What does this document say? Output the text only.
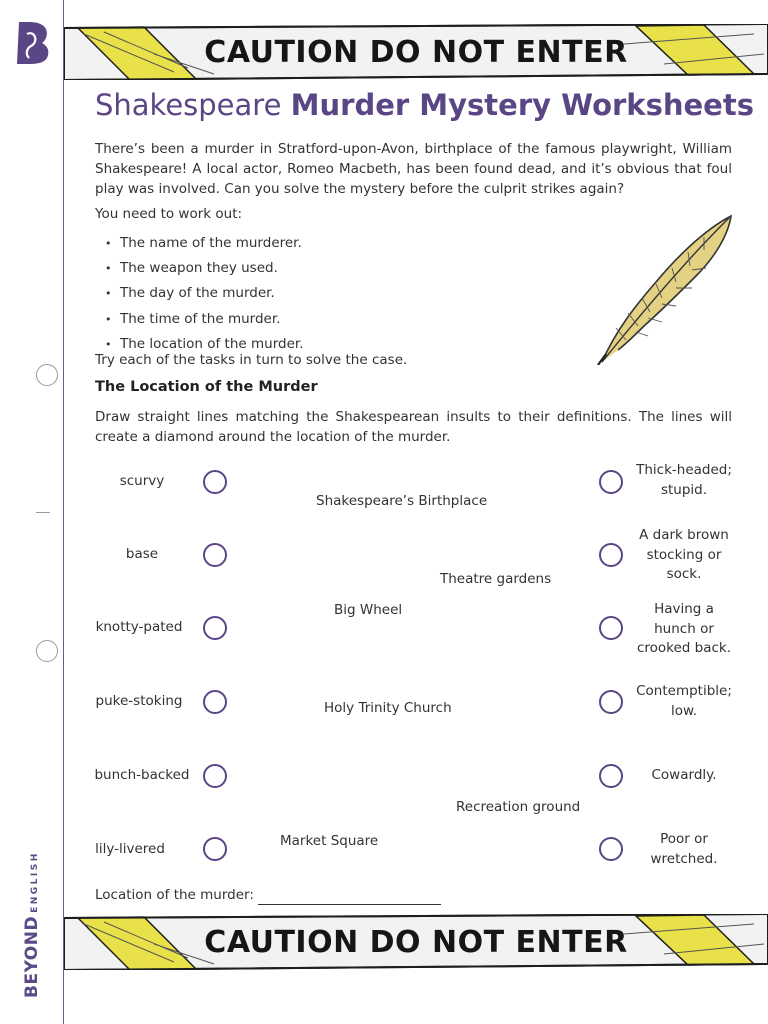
BEYONDENGLISH
CAUTION DO NOT ENTER
Shakespeare Murder Mystery Worksheets
There’s been a murder in Stratford-upon-Avon, birthplace of the famous playwright, William Shakespeare! A local actor, Romeo Macbeth, has been found dead, and it’s obvious that foul play was involved. Can you solve the mystery before the culprit strikes again?
You need to work out:
• The name of the murderer.
• The weapon they used.
• The day of the murder.
• The time of the murder.
• The location of the murder.
Try each of the tasks in turn to solve the case.
The Location of the Murder
Draw straight lines matching the Shakespearean insults to their definitions. The lines will create a diamond around the location of the murder.
scurvy
base
knotty-pated
puke-stoking
bunch-backed
lily-livered
Thick-headed;
stupid.
A dark brown
stocking or
sock.
Having a
hunch or
crooked back.
Contemptible;
low.
Cowardly.
Poor or
wretched.
Shakespeare’s Birthplace
Theatre gardens
Big Wheel
Holy Trinity Church
Recreation ground
Market Square
Location of the murder:
CAUTION DO NOT ENTER
